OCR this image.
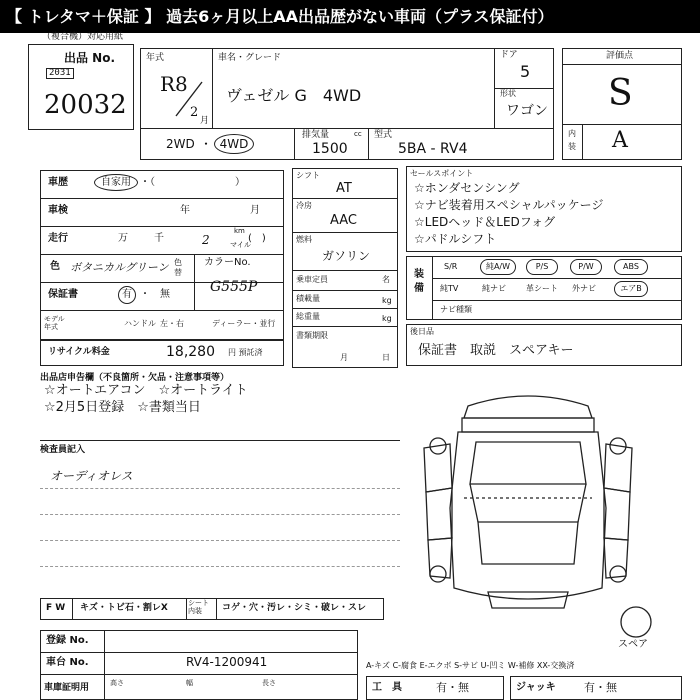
【 トレタマ＋保証 】 過去6ヶ月以上AA出品歴がない車両（プラス保証付）
（複合機）対応用紙
出品 No.
2031
20032
年式
R8
2
月
車名・グレード
ヴェゼル G　4WD
ドア
5
形状
ワゴン
2WD ・ 4WD
排気量	cc
1500
型式
5BA - RV4
評価点
S
内装 A
車歴	自家用 ・（　　　　　　　　）
車検	年	月
走行	万	千	2
km
マイル
(　)
色 ボタニカルグリーン 色替
カラーNo.
G555P
保証書	有 ・　無
モデル年式	ハンドル 左・右	ディーラー・並行
リサイクル料金	18,280 円 預託済
シフト
AT
冷房
AAC
燃料
ガソリン
乗車定員	名
積載量	kg
総重量	kg
書類期限
月	日
セールスポイント
☆ホンダセンシング
☆ナビ装着用スペシャルパッケージ
☆LEDヘッド＆LEDフォグ
☆パドルシフト
装備
S/R	純A/W	P/S	P/W	ABS
純TV	純ナビ	革シート 外ナビ	エアB
ナビ種類
後日品
保証書　取説　スペアキー
出品店申告欄（不良箇所・欠品・注意事項等）
☆オートエアコン　☆オートライト
☆2月5日登録　☆書類当日
検査員記入
オーディオレス
スペア
F W キズ・トビ石・割レX	シート内装	コゲ・穴・汚レ・シミ・破レ・スレ
登録 No.
車台 No.	RV4-1200941
車庫証明用	高さ	幅	長さ
A-キズ C-腐食 E-エクボ S-サビ U-凹ミ W-補修 XX-交換済
工　具	有・無	ジャッキ	有・無
